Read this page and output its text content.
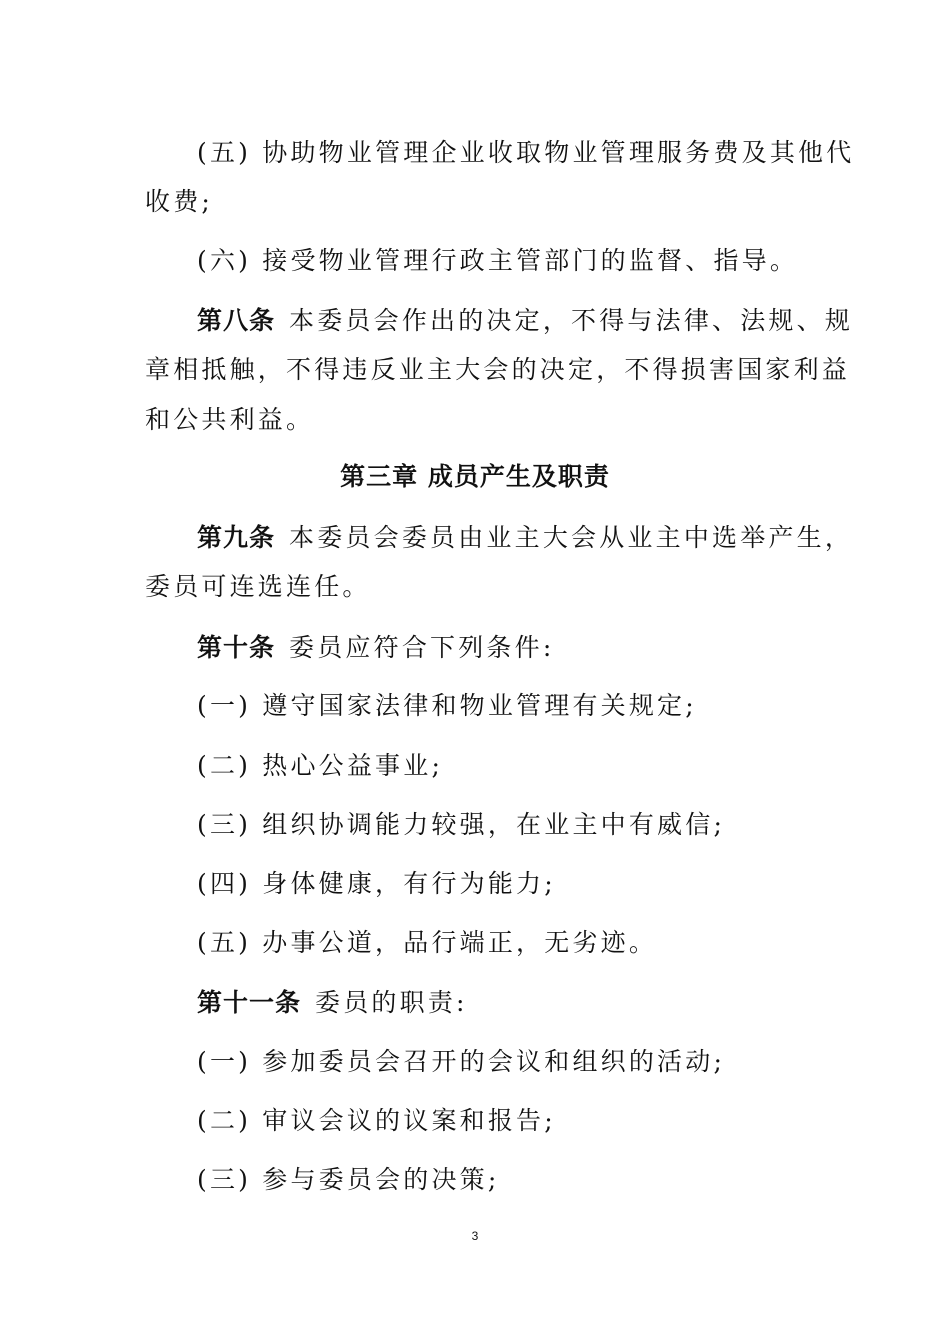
(五) 协助物业管理企业收取物业管理服务费及其他代
收费;
(六) 接受物业管理行政主管部门的监督、指导。
第八条 本委员会作出的决定，不得与法律、法规、规
章相抵触，不得违反业主大会的决定，不得损害国家利益
和公共利益。
第三章 成员产生及职责
第九条 本委员会委员由业主大会从业主中选举产生，
委员可连选连任。
第十条 委员应符合下列条件:
(一) 遵守国家法律和物业管理有关规定;
(二) 热心公益事业;
(三) 组织协调能力较强，在业主中有威信;
(四) 身体健康，有行为能力;
(五) 办事公道，品行端正，无劣迹。
第十一条 委员的职责:
(一) 参加委员会召开的会议和组织的活动;
(二) 审议会议的议案和报告;
(三) 参与委员会的决策;
3
